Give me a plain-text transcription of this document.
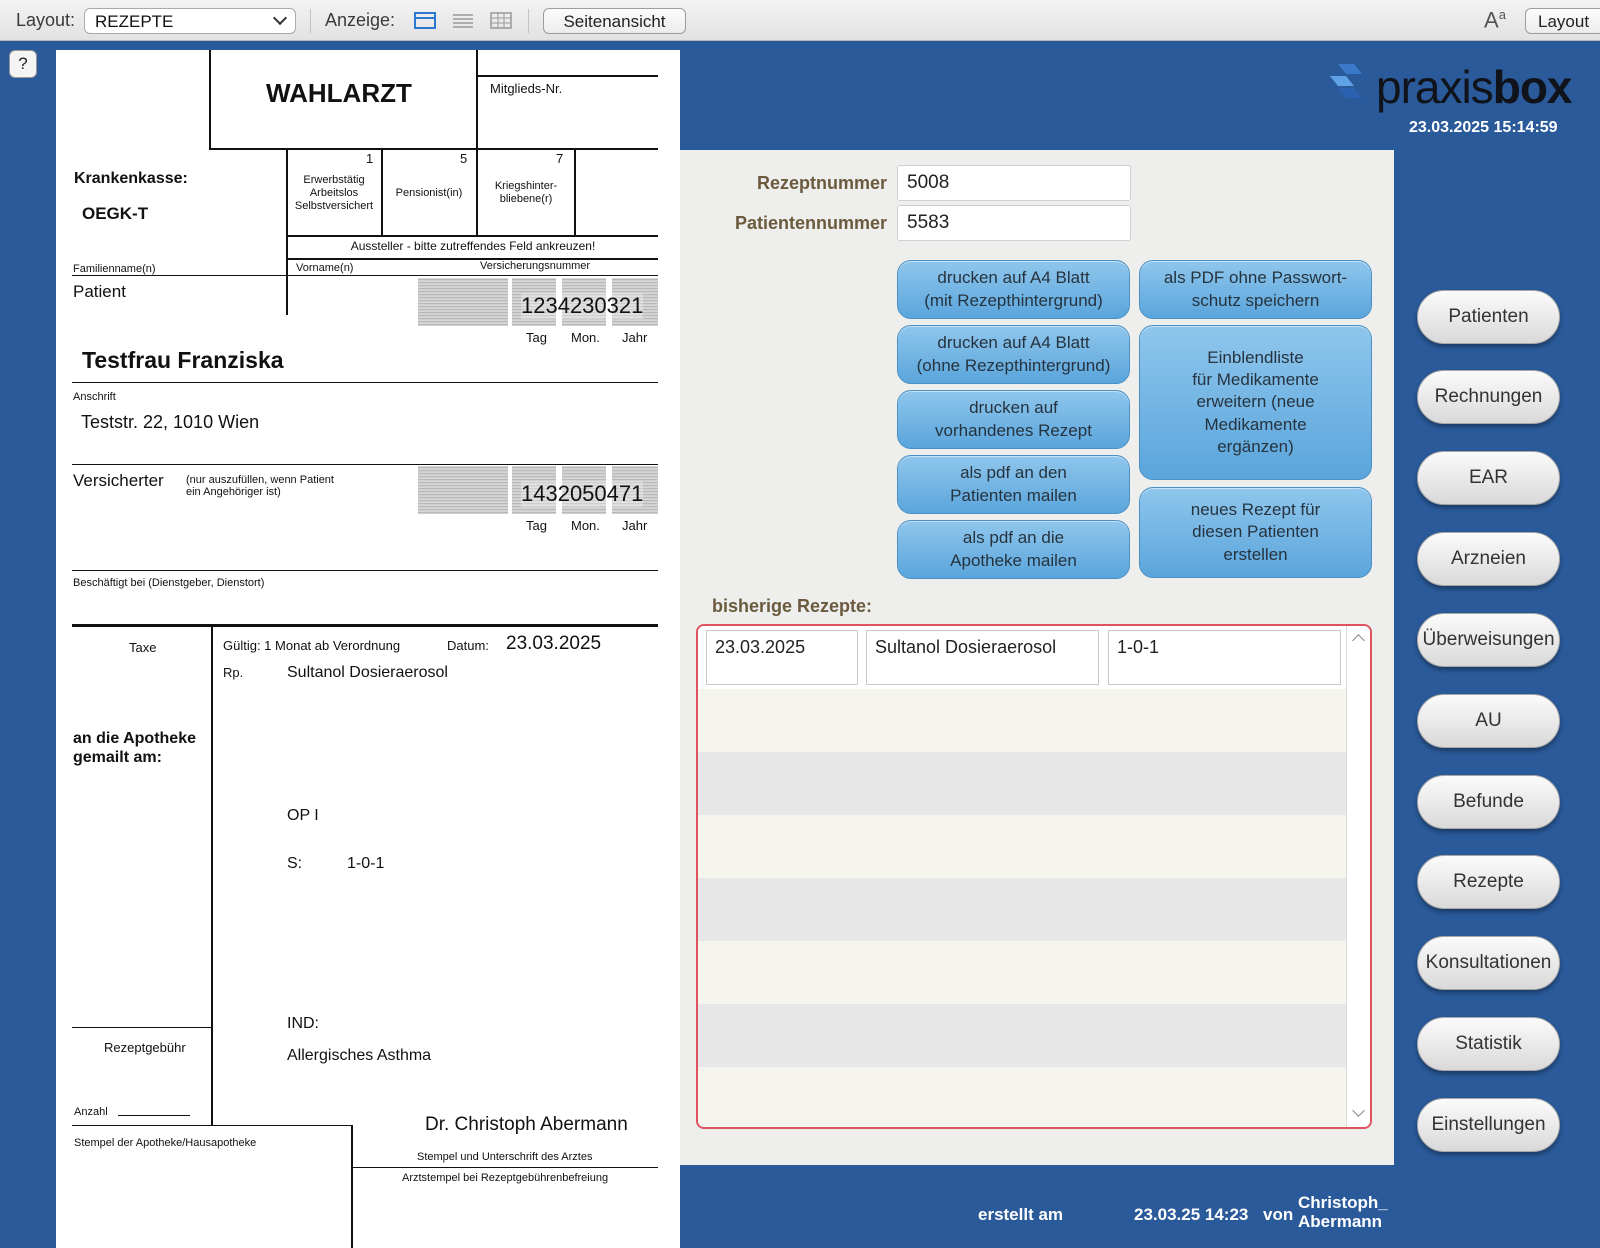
Layout:	REZEPTE	Anzeige:	Seitenansicht	$A^a$	Layout
?
WAHLARZT	Mitglieds-Nr.
Krankenkasse:
OEGK-T
1
Erwerbstätig
Arbeitslos
Selbstversichert
5
Pensionist(in)
7
Kriegshinter-
bliebene(r)
Aussteller - bitte zutreffendes Feld ankreuzen!
Familienname(n)	Vorname(n)	Versicherungsnummer
Patient
1234230321
Tag Mon. Jahr
Testfrau Franziska
Anschrift
Teststr. 22, 1010 Wien
Versicherter (nur auszufüllen, wenn Patient
ein Angehöriger ist)	1432050471
Tag Mon. Jahr
Beschäftigt bei (Dienstgeber, Dienstort)
Taxe	Gültig: 1 Monat ab Verordnung	Datum: 23.03.2025
Rp.	Sultanol Dosieraerosol
an die Apotheke
gemailt am:
OP I
S:	1-0-1
IND:
Allergisches Asthma
Rezeptgebühr
Anzahl
Stempel der Apotheke/Hausapotheke
Dr. Christoph Abermann
Stempel und Unterschrift des Arztes
Arztstempel bei Rezeptgebührenbefreiung
praxisbox
23.03.2025 15:14:59
Rezeptnummer	5008
Patientennummer	5583
drucken auf A4 Blatt
(mit Rezepthintergrund)
als PDF ohne Passwort-
schutz speichern
drucken auf A4 Blatt
(ohne Rezepthintergrund)	Einblendliste
für Medikamente
erweitern (neue
Medikamente
ergänzen)
drucken auf
vorhandenes Rezept
als pdf an den
Patienten mailen
neues Rezept für
diesen Patienten
erstellen
als pdf an die
Apotheke mailen
bisherige Rezepte:
23.03.2025	Sultanol Dosieraerosol	1-0-1
Patienten
Rechnungen
EAR
Arzneien
Überweisungen
AU
Befunde
Rezepte
Konsultationen
Statistik
Einstellungen
erstellt am	23.03.25 14:23 von
Christoph_
Abermann
